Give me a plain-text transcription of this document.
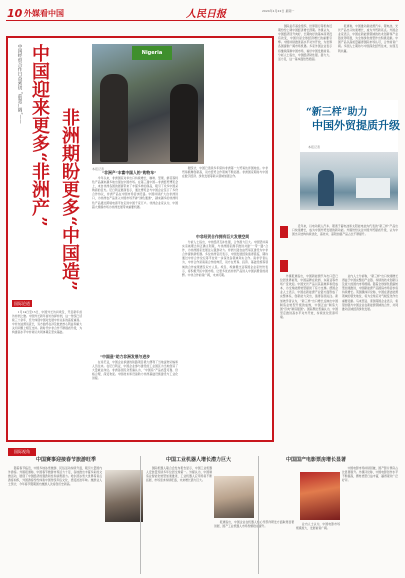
10 外媒看中国	人民日报	2024年1月22日 星期一
　　国际货币基金组织、世界银行等机构近期纷纷上调中国经济增长预期。外媒认为，中国经济回升向好、长期向好的基本趋势没有改变，中国仍是全球经济增长的重要引擎。中国持续推进高水平对外开放，为世界各国提供广阔市场机遇。多家外国企业表示将继续深耕中国市场，看好中国发展前景。分析人士指出，中国经济韧性强、潜力大、活力足，这一基本面依然稳固。
　　报道称，中国推动新能源汽车、锂电池、光伏产品出口快速增长，成为外贸新亮点。外国企业家表示，中国在新能源领域的技术创新和产业链优势明显，为全球绿色转型作出积极贡献。中国产品以高质量赢得国际市场认可，合作前景广阔。多国人士期待与中国深化经贸往来，实现互利共赢。
中国经贸合作日益密切 “前景广阔”—— 中国迎来更多“非洲产” 非洲期盼更多“中国造”
Nigeria
本报记者
“非洲产”丰富中国人的“购物车”
　　今年以来，非洲国家对华出口持续增长，咖啡、坚果、鲜花等特色产品越来越多地出现在中国市场。在第三届中国—非洲经贸博览会上，来自非洲各国的展商带来了丰富多样的商品，吸引了众多中国采购商的目光。尼日利亚展商表示，通过博览会与中国企业签订了多份合作协议，非洲产品在中国市场需求旺盛。中国持续扩大自非洲进口，为非洲农产品进入中国市场开辟“绿色通道”，越来越多的非洲特色产品通过跨境电商平台走进中国千家万户。非洲企业家认为，中国超大规模市场为非洲发展带来重要机遇。
“中国造”助力非洲发展与进步
　　在肯尼亚，中国企业承建的铁路项目极大便利了当地货物运输和人员往来。在尼日利亚，中国企业参与建设的工业园区为当地创造了大量就业岗位。非洲各国民众普遍认为，“中国造”产品质量可靠、价格合理，深受欢迎。中国技术和设备助力非洲基础设施建设与工业化进程。
　　据统计，中国已连续多年保持非洲第一大贸易伙伴国地位。中非贸易额屡创新高，双方经贸合作领域不断拓展。非洲国家期待与中国在数字经济、绿色发展等新兴领域加强合作。
中非经贸合作拥有巨大发展空间
　　分析人士指出，中非经济互补性强，合作潜力巨大。中国坚持真实亲诚理念和正确义利观，与非洲国家携手推进共建“一带一路”合作，为非洲国家发展注入强劲动力。非洲大陆自由贸易区建设为中非合作提供新机遇。多位非洲官员表示，中国发展经验值得借鉴，期待通过中非合作论坛等平台进一步深化各领域务实合作。南非学者认为，中非合作是南南合作的典范，双方在贸易、投资、基础设施等领域的合作成果惠及双方人民。埃及、埃塞俄比亚等国企业家纷纷表示，将积极开拓中国市场，让更多优质非洲产品进入中国消费者的视野。中非合作前景广阔，未来可期。
国际论道
　　1月14日至15日，中国外长访问埃及，开启新年首访非洲之旅。中国外长新年首访选择非洲，这一传统已延续三十余年，充分体现中国对发展中非关系的高度重视。中非友谊源远流长，双方始终在涉及彼此核心利益和重大关切问题上相互支持。新时代中非合作不断提质升级，为构建高水平中非命运共同体奠定坚实基础。
“新三样”助力
中国外贸提质升级
本报记者
　　近年来，以电动载人汽车、锂离子蓄电池和太阳能电池为代表的“新三样”产品出口快速增长，成为中国外贸发展的新动能。外媒纷纷关注中国外贸提质升级，认为中国出口结构持续优化，高技术、高附加值产品占比不断提升。
　　外媒报道指出，中国新能源汽车出口量已位居世界前列，中国品牌在欧洲、东南亚等市场广受欢迎。中国光伏产品以其高效率和低成本，为全球能源转型提供了有力支撑。德国企业人士表示，中国在新能源产业链方面形成了完整体系，创新能力突出，值得各国关注。新加坡学者认为，“新三样”出口增长反映出中国制造业转型升级的成效，中国正由“制造大国”迈向“制造强国”。国际舆论普遍认为，中国坚定推进高水平对外开放，持续优化营商环境。
　　业内人士分析称，“新三样”出口快速增长得益于中国完整的产业链、持续的技术创新以及庞大的国内市场规模。随着全球绿色低碳转型加速推进，中国新能源产品国际市场需求将持续增长。英国媒体评论称，中国在清洁能源领域的领先地位，将为全球应对气候变化作出重要贡献。马来西亚、泰国等国企业表示，希望加强与中国企业在新能源领域的合作，共同推动区域经济绿色发展。
国际视角
中国赛事迎接春节旅游旺季	中国工业机器人增长潜力巨大	中国国产电影票房增长显著
　　随着春节临近，中国多地冰雪旅游、民俗活动持续升温，吸引大量国内外游客。外媒报道称，中国春节旅游市场活力十足，各地推出丰富多彩的文旅活动，展现了中国经济的强劲韧性和消费潜力。哈尔滨冰雪大世界等景点游客如织，外国游客纷纷体验中国传统年俗文化，感受浓浓年味。旅游业人士预计，今年春节假期国内旅游人次将创历史新高。
　　国际机器人联合会发布报告显示，中国工业机器人安装量连续多年位居全球第一。外媒认为，中国制造业智能化转型加速推进，工业机器人应用场景不断拓展，市场需求持续旺盛，未来增长潜力巨大。
　　报道指出，中国企业在机器人核心零部件研发方面取得显著进展，国产工业机器人市场份额稳步提升。
　　中国电影市场持续回暖，国产影片票房占比显著提升。外媒评论称，中国电影创作水平不断提高，题材类型日益丰富，赢得观众广泛好评。
　　业内人士认为，中国电影市场规模庞大，发展前景广阔。
